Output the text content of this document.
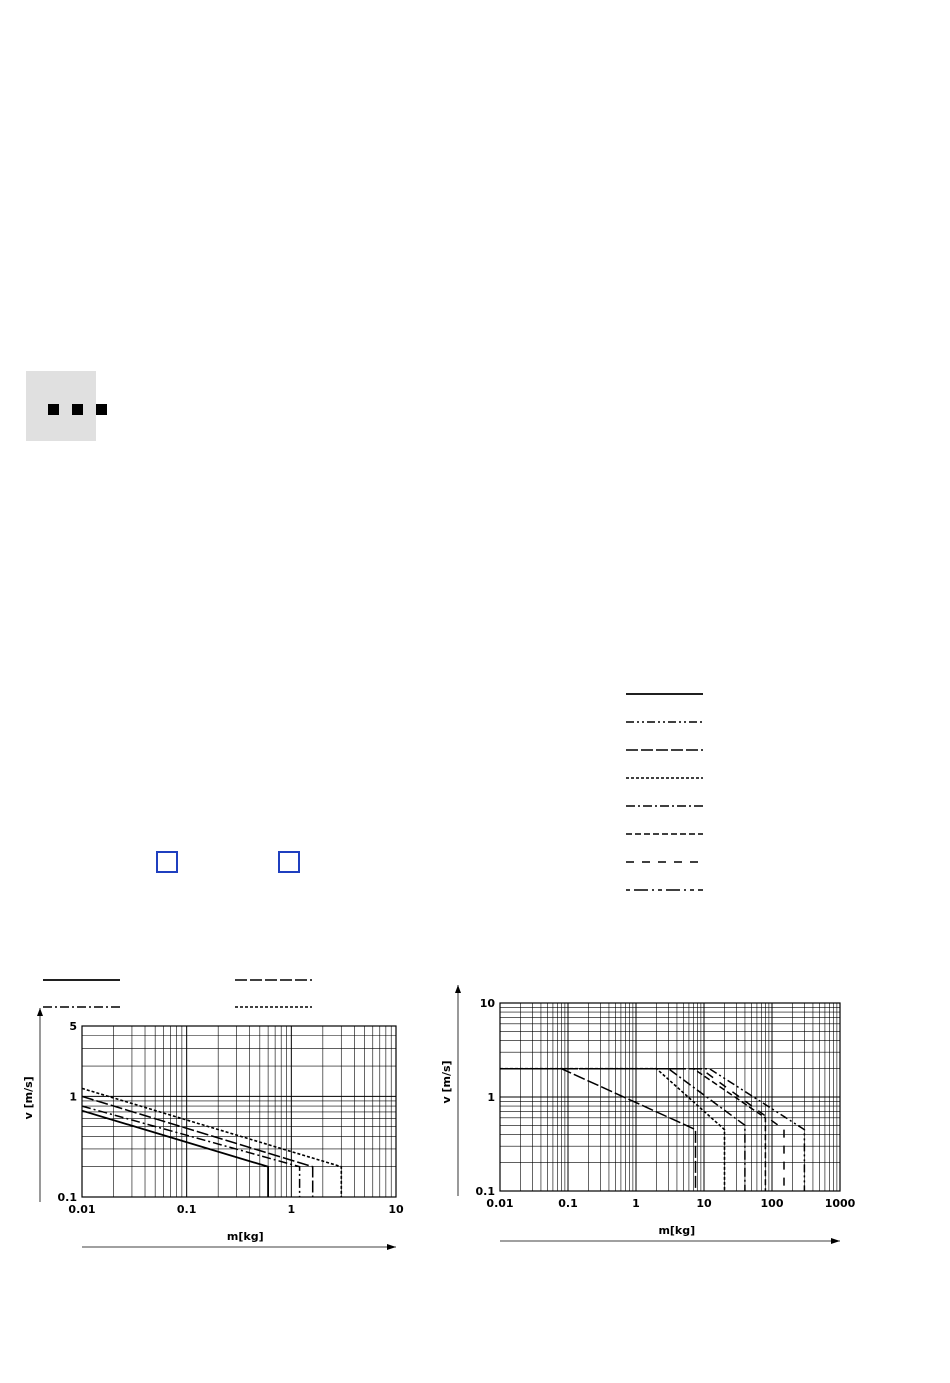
0.01	0.1	1	10
0.1
1
5
m[kg]
v [m/s]
0.01	0.1	1	10	100	1000
0.1
1
10
m[kg]
v [m/s]
